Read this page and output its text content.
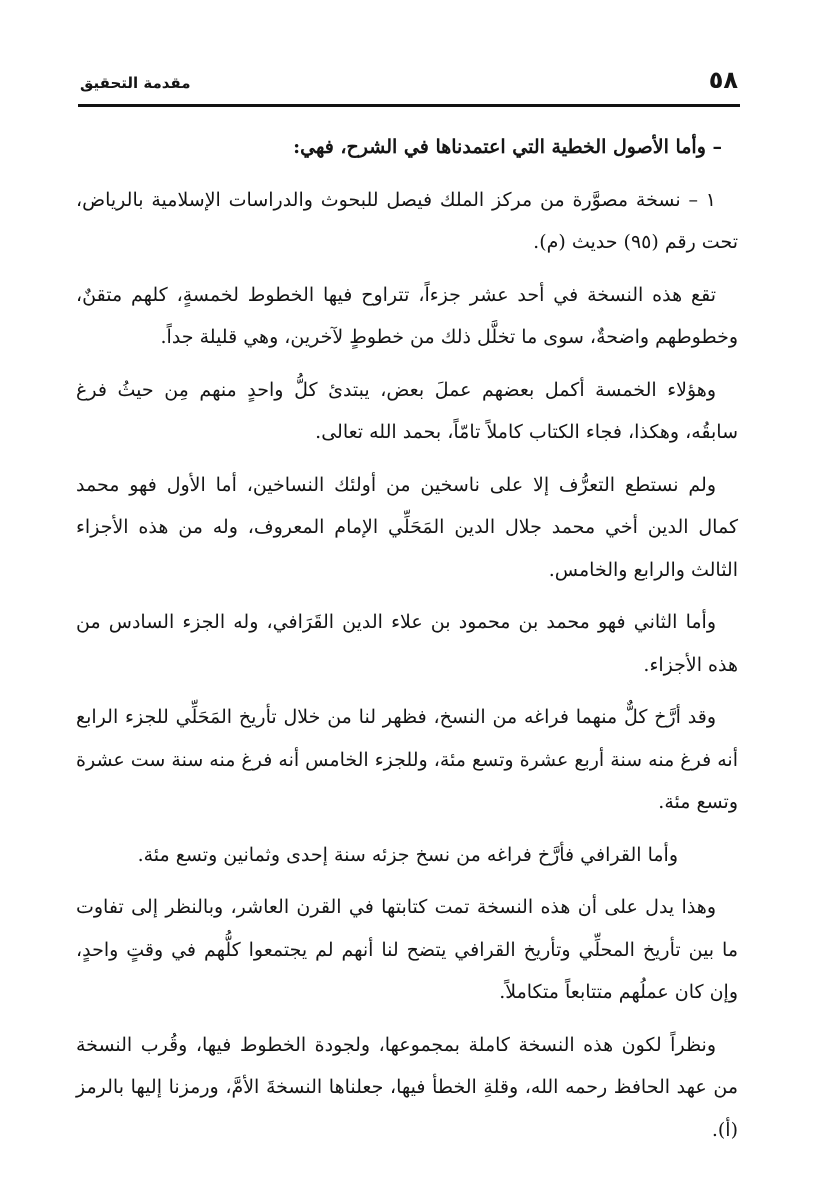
مقدمة التحقيق	٥٨

– وأما الأصول الخطية التي اعتمدناها في الشرح، فهي:

١ – نسخة مصوَّرة من مركز الملك فيصل للبحوث والدراسات الإسلامية بالرياض، تحت رقم (٩٥) حديث (م).

تقع هذه النسخة في أحد عشر جزءاً، تتراوح فيها الخطوط لخمسةٍ، كلهم متقنٌ، وخطوطهم واضحةٌ، سوى ما تخلَّل ذلك من خطوطٍ لآخرين، وهي قليلة جداً.

وهؤلاء الخمسة أكمل بعضهم عملَ بعض، يبتدئ كلُّ واحدٍ منهم مِن حيثُ فرغ سابقُه، وهكذا، فجاء الكتاب كاملاً تامّاً، بحمد الله تعالى.

ولم نستطع التعرُّف إلا على ناسخين من أولئك النساخين، أما الأول فهو محمد كمال الدين أخي محمد جلال الدين المَحَلِّي الإمام المعروف، وله من هذه الأجزاء الثالث والرابع والخامس.

وأما الثاني فهو محمد بن محمود بن علاء الدين القَرَافي، وله الجزء السادس من هذه الأجزاء.

وقد أرَّخ كلٌّ منهما فراغه من النسخ، فظهر لنا من خلال تأريخ المَحَلِّي للجزء الرابع أنه فرغ منه سنة أربع عشرة وتسع مئة، وللجزء الخامس أنه فرغ منه سنة ست عشرة وتسع مئة.

وأما القرافي فأرَّخ فراغه من نسخ جزئه سنة إحدى وثمانين وتسع مئة.

وهذا يدل على أن هذه النسخة تمت كتابتها في القرن العاشر، وبالنظر إلى تفاوت ما بين تأريخ المحلِّي وتأريخ القرافي يتضح لنا أنهم لم يجتمعوا كلُّهم في وقتٍ واحدٍ، وإن كان عملُهم متتابعاً متكاملاً.

ونظراً لكون هذه النسخة كاملة بمجموعها، ولجودة الخطوط فيها، وقُرب النسخة من عهد الحافظ رحمه الله، وقلةِ الخطأ فيها، جعلناها النسخةَ الأمَّ، ورمزنا إليها بالرمز (أ).
